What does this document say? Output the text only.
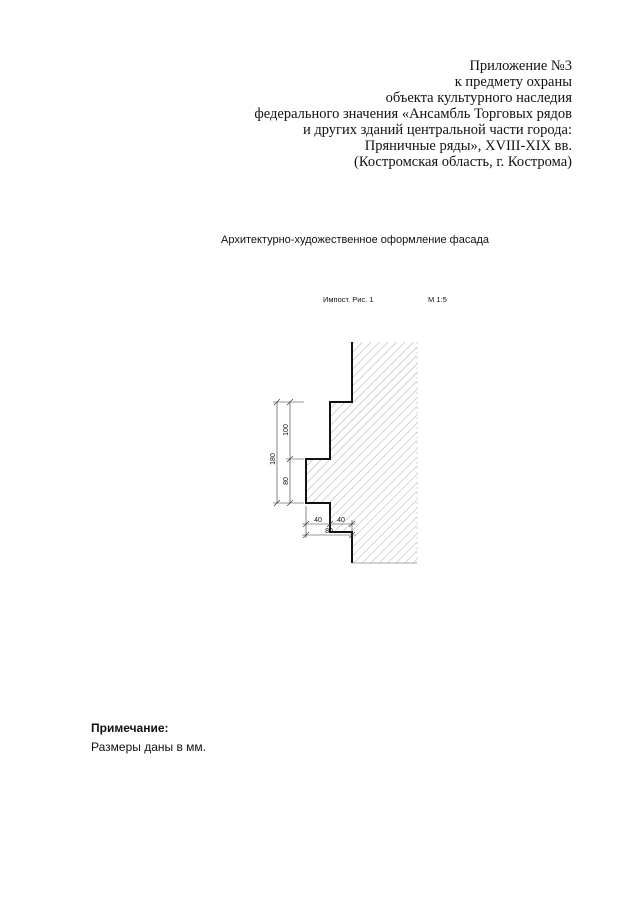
Приложение №3
к предмету охраны
объекта культурного наследия
федерального значения «Ансамбль Торговых рядов
и других зданий центральной части города:
Пряничные ряды», XVIII-XIX вв.
(Костромская область, г. Кострома)
Архитектурно-художественное оформление фасада
Импост. Рис. 1	М 1:5
180
100
80
40 40
80
Примечание:
Размеры даны в мм.
